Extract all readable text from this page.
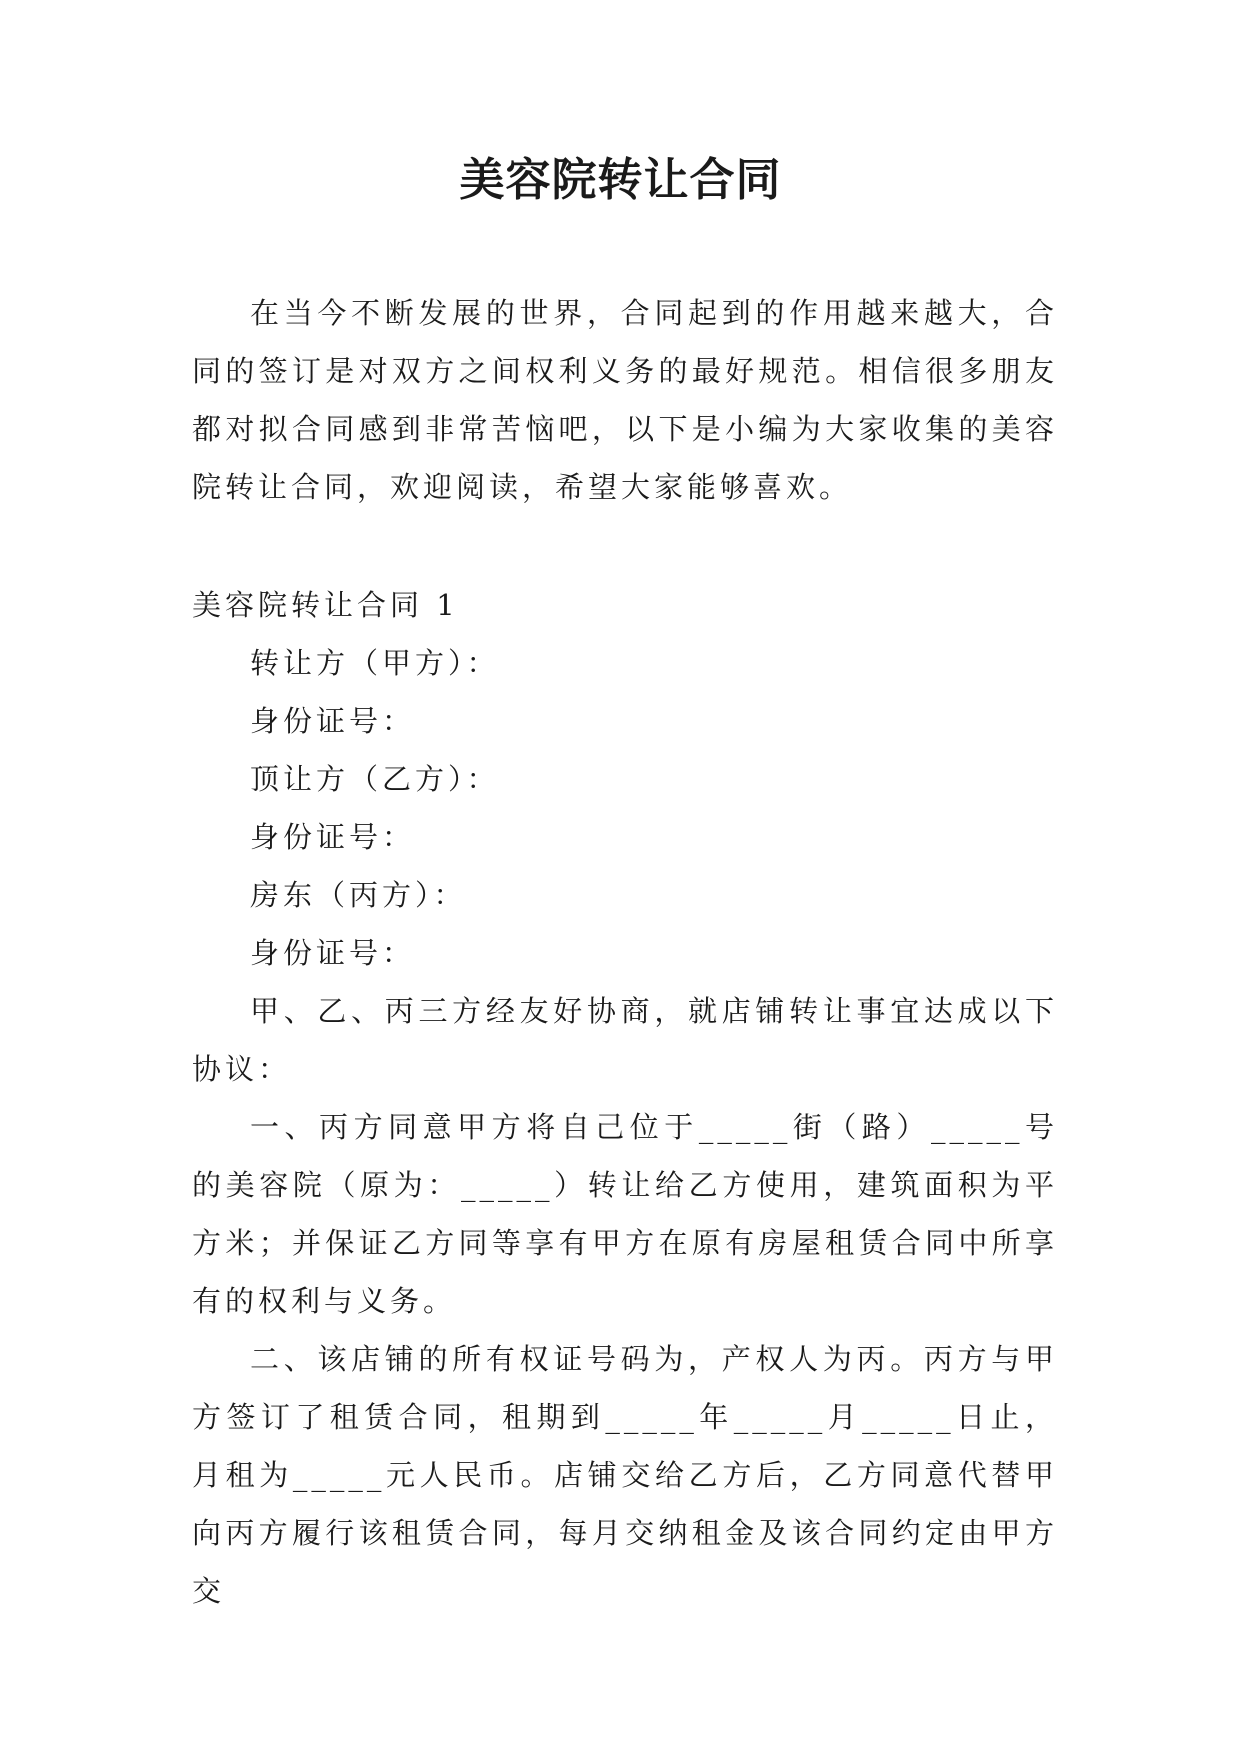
美容院转让合同

在当今不断发展的世界，合同起到的作用越来越大，合同的签订是对双方之间权利义务的最好规范。相信很多朋友都对拟合同感到非常苦恼吧，以下是小编为大家收集的美容院转让合同，欢迎阅读，希望大家能够喜欢。

美容院转让合同 1

转让方（甲方）：

身份证号：

顶让方（乙方）：

身份证号：

房东（丙方）：

身份证号：

甲、乙、丙三方经友好协商，就店铺转让事宜达成以下协议：

一、丙方同意甲方将自己位于_____街（路）_____号的美容院（原为：_____）转让给乙方使用，建筑面积为平方米；并保证乙方同等享有甲方在原有房屋租赁合同中所享有的权利与义务。

二、该店铺的所有权证号码为，产权人为丙。丙方与甲方签订了租赁合同，租期到_____年_____月_____日止，月租为_____元人民币。店铺交给乙方后，乙方同意代替甲向丙方履行该租赁合同，每月交纳租金及该合同约定由甲方交
